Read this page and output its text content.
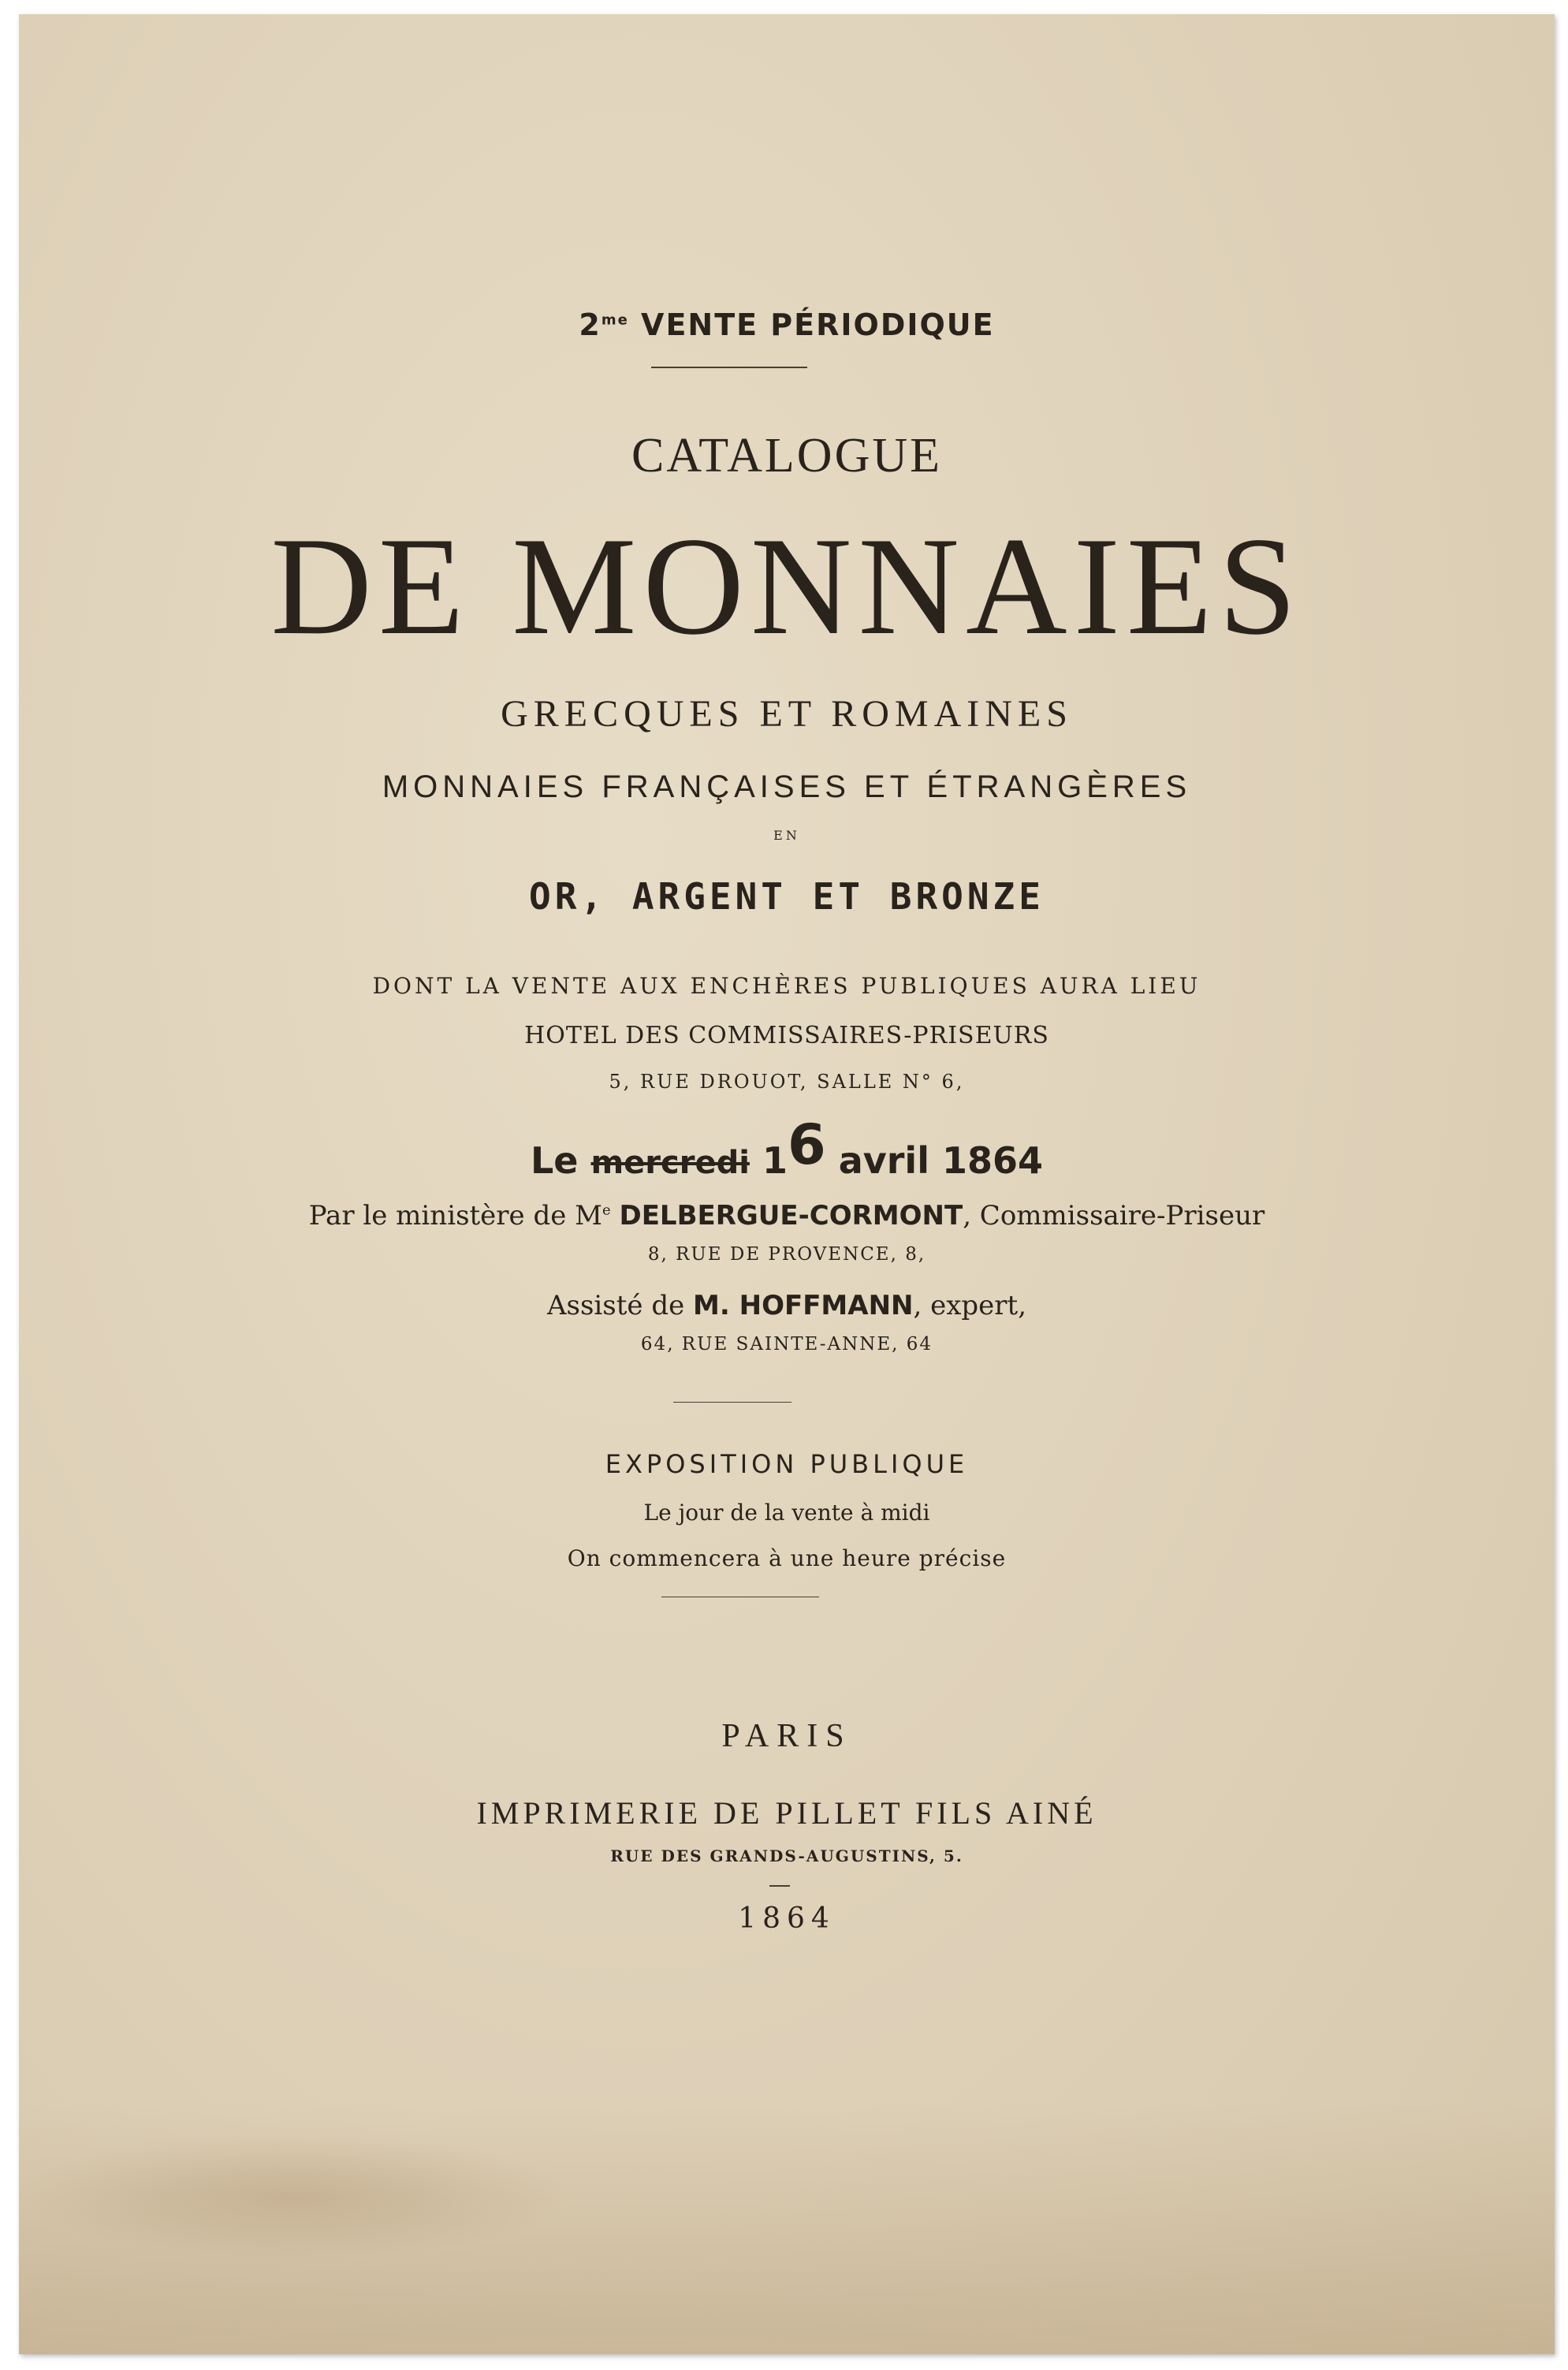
$2^{me}$ VENTE PÉRIODIQUE
CATALOGUE
DE MONNAIES
GRECQUES ET ROMAINES
MONNAIES FRANÇAISES ET ÉTRANGÈRES
EN
OR, ARGENT ET BRONZE
DONT LA VENTE AUX ENCHÈRES PUBLIQUES AURA LIEU
HOTEL DES COMMISSAIRES-PRISEURS
5, RUE DROUOT, SALLE N° 6,
Le mercredi 16 avril 1864
Par le ministère de Me DELBERGUE-CORMONT, Commissaire-Priseur
8, RUE DE PROVENCE, 8,
Assisté de M. HOFFMANN, expert,
64, RUE SAINTE-ANNE, 64
EXPOSITION PUBLIQUE
Le jour de la vente à midi
On commencera à une heure précise
PARIS
IMPRIMERIE DE PILLET FILS AINÉ
RUE DES GRANDS-AUGUSTINS, 5.
1864
